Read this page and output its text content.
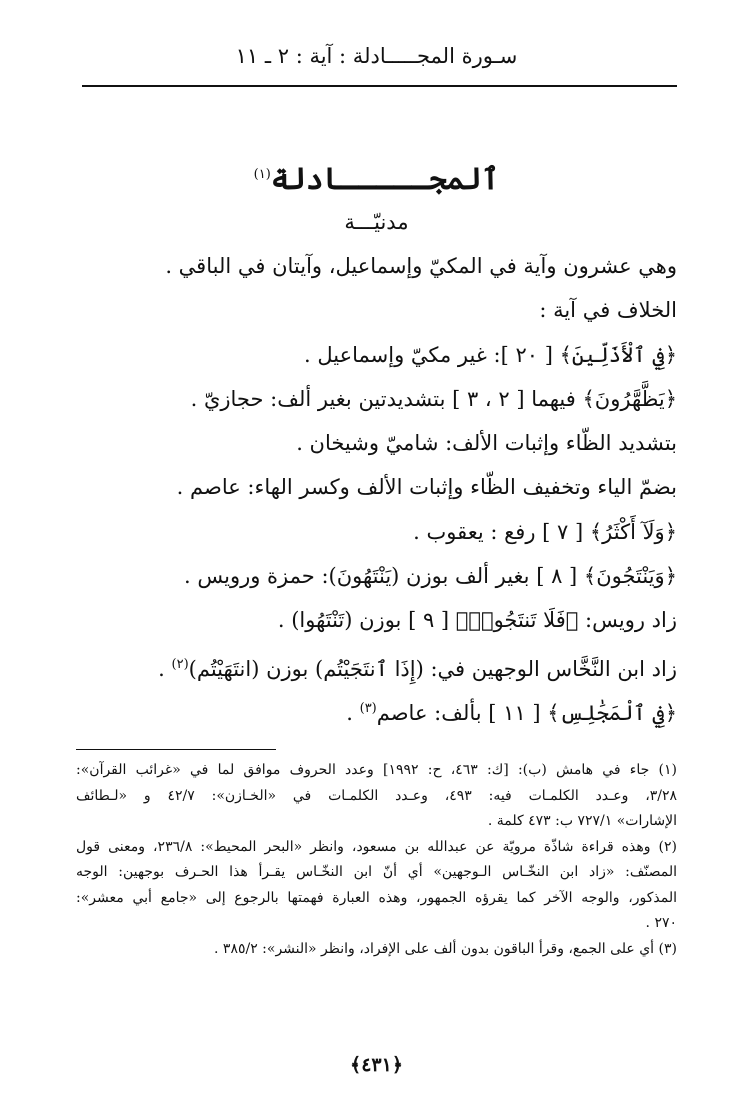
سـورة المجـــــادلة : آية : ٢ ـ ١١
ٱلمجـــــادلة$^{(١)}$
مدنيّـــة
وهي عشرون وآية في المكيّ وإسماعيل، وآيتان في الباقي .
الخلاف في آية :
﴿فِي ٱلْأَذَلِّينَ﴾ [ ٢٠ ]: غير مكيّ وإسماعيل .
﴿يَظَّهَّرُونَ﴾ فيهما [ ٢ ، ٣ ] بتشديدتين بغير ألف: حجازيّ .
بتشديد الظّاء وإثبات الألف: شاميّ وشيخان .
بضمّ الياء وتخفيف الظّاء وإثبات الألف وكسر الهاء: عاصم .
﴿وَلَآ أَكْثَرُ﴾ [ ٧ ] رفع : يعقوب .
﴿وَيَنْتَجُونَ﴾ [ ٨ ] بغير ألف بوزن (يَنْتَهُونَ): حمزة ورويس .
زاد رويس: ﴿فَلَا تَنتَجُوا۟﴾ [ ٩ ] بوزن (تَنْتَهُوا) .
زاد ابن النَّخَّاس الوجهين في: (إِذَا ٱنتَجَيْتُم) بوزن (انتَهَيْتُم)$^{(٢)}$ .
﴿فِي ٱلْمَجَٰلِسِ﴾ [ ١١ ] بألف: عاصم$^{(٣)}$ .
(١) جاء في هامش (ب): [ك: ٤٦٣، ح: ١٩٩٢] وعدد الحروف موافق لما في «غرائب القرآن»:
٣/٢٨، وعـدد الكلمـات فيه: ٤٩٣، وعـدد الكلمـات في «الخـازن»: ٤٢/٧ و «لـطائف
الإشارات» ٧٢٧/١ ب: ٤٧٣ كلمة .
(٢) وهذه قراءة شاذّة مرويّة عن عبدالله بن مسعود، وانظر «البحر المحيط»: ٢٣٦/٨، ومعنى قول
المصنّف: «زاد ابن النخّـاس الـوجهين» أي أنّ ابن النخّـاس يقـرأ هذا الحـرف بوجهين: الوجه
المذكور، والوجه الآخر كما يقرؤه الجمهور، وهذه العبارة فهمتها بالرجوع إلى «جامع أبي معشر»:
٢٧٠ .
(٣) أي على الجمع، وقرأ الباقون بدون ألف على الإفراد، وانظر «النشر»: ٣٨٥/٢ .
﴿٤٣١﴾
